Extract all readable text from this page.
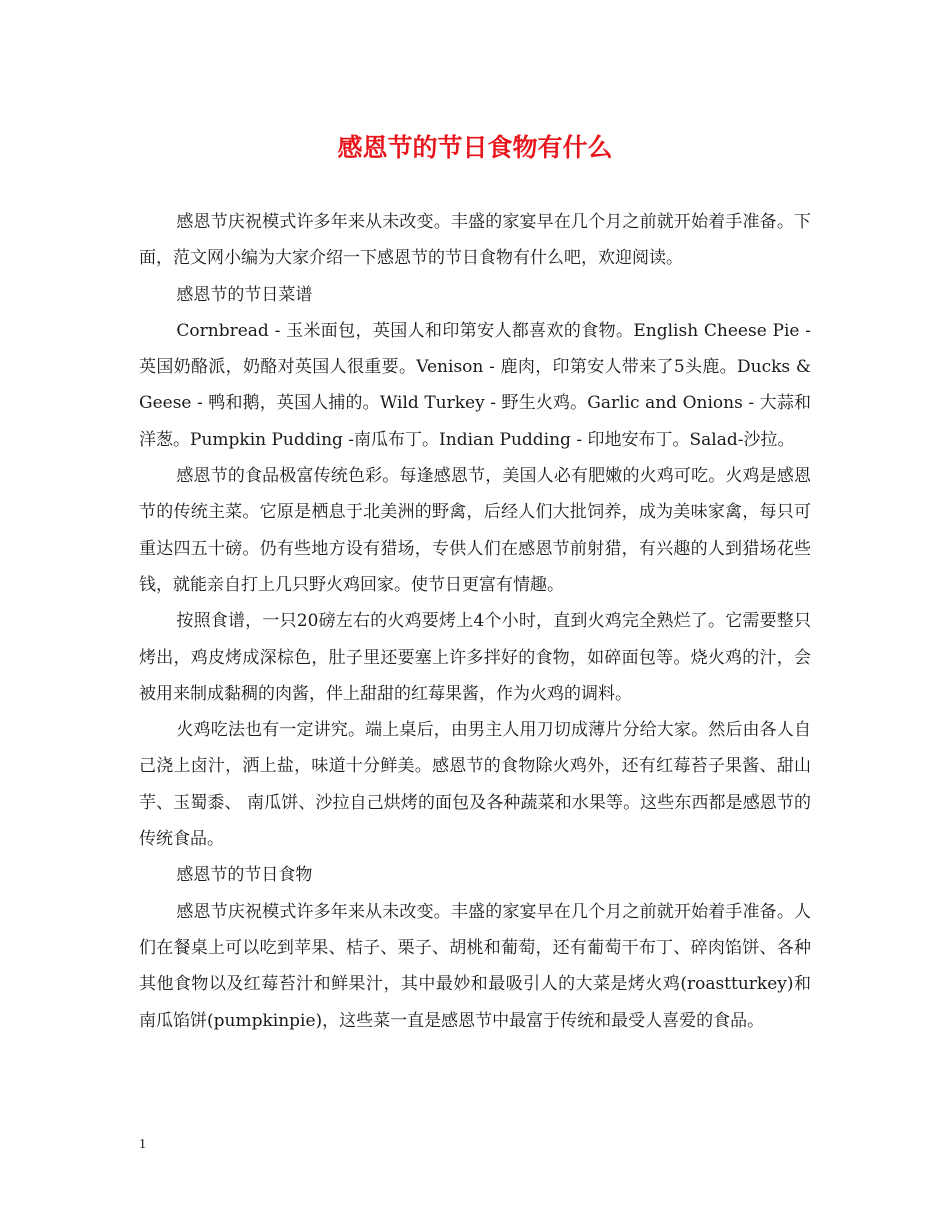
感恩节的节日食物有什么

感恩节庆祝模式许多年来从未改变。丰盛的家宴早在几个月之前就开始着手准备。下面，范文网小编为大家介绍一下感恩节的节日食物有什么吧，欢迎阅读。

感恩节的节日菜谱

Cornbread - 玉米面包，英国人和印第安人都喜欢的食物。English Cheese Pie - 英国奶酪派，奶酪对英国人很重要。Venison - 鹿肉，印第安人带来了5头鹿。Ducks & Geese - 鸭和鹅，英国人捕的。Wild Turkey - 野生火鸡。Garlic and Onions - 大蒜和洋葱。Pumpkin Pudding -南瓜布丁。Indian Pudding - 印地安布丁。Salad-沙拉。

感恩节的食品极富传统色彩。每逢感恩节，美国人必有肥嫩的火鸡可吃。火鸡是感恩节的传统主菜。它原是栖息于北美洲的野禽，后经人们大批饲养，成为美味家禽，每只可重达四五十磅。仍有些地方设有猎场，专供人们在感恩节前射猎，有兴趣的人到猎场花些钱，就能亲自打上几只野火鸡回家。使节日更富有情趣。

按照食谱，一只20磅左右的火鸡要烤上4个小时，直到火鸡完全熟烂了。它需要整只烤出，鸡皮烤成深棕色，肚子里还要塞上许多拌好的食物，如碎面包等。烧火鸡的汁，会被用来制成黏稠的肉酱，伴上甜甜的红莓果酱，作为火鸡的调料。

火鸡吃法也有一定讲究。端上桌后，由男主人用刀切成薄片分给大家。然后由各人自己浇上卤汁，洒上盐，味道十分鲜美。感恩节的食物除火鸡外，还有红莓苔子果酱、甜山芋、玉蜀黍、 南瓜饼、沙拉自己烘烤的面包及各种蔬菜和水果等。这些东西都是感恩节的传统食品。

感恩节的节日食物

感恩节庆祝模式许多年来从未改变。丰盛的家宴早在几个月之前就开始着手准备。人们在餐桌上可以吃到苹果、桔子、栗子、胡桃和葡萄，还有葡萄干布丁、碎肉馅饼、各种其他食物以及红莓苔汁和鲜果汁，其中最妙和最吸引人的大菜是烤火鸡(roastturkey)和南瓜馅饼(pumpkinpie)，这些菜一直是感恩节中最富于传统和最受人喜爱的食品。

1
